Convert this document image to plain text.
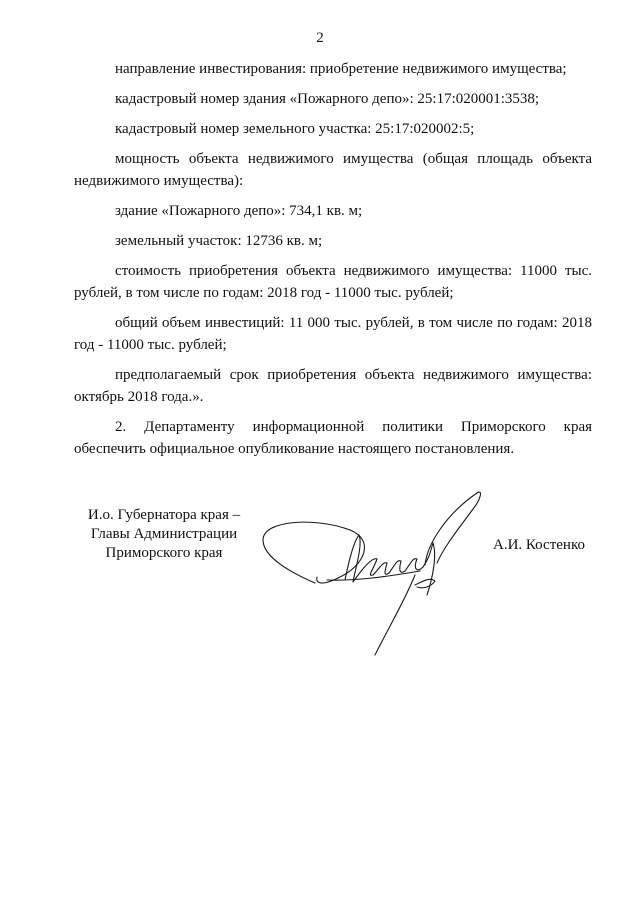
2

направление инвестирования: приобретение недвижимого имущества;

кадастровый номер здания «Пожарного депо»: 25:17:020001:3538;

кадастровый номер земельного участка: 25:17:020002:5;

мощность объекта недвижимого имущества (общая площадь объекта недвижимого имущества):

здание «Пожарного депо»: 734,1 кв. м;

земельный участок: 12736 кв. м;

стоимость приобретения объекта недвижимого имущества: 11000 тыс. рублей, в том числе по годам: 2018 год - 11000 тыс. рублей;

общий объем инвестиций: 11 000 тыс. рублей, в том числе по годам: 2018 год - 11000 тыс. рублей;

предполагаемый срок приобретения объекта недвижимого имущества: октябрь 2018 года.».

2. Департаменту информационной политики Приморского края обеспечить официальное опубликование настоящего постановления.

И.о. Губернатора края –
Главы Администрации
Приморского края	А.И. Костенко
